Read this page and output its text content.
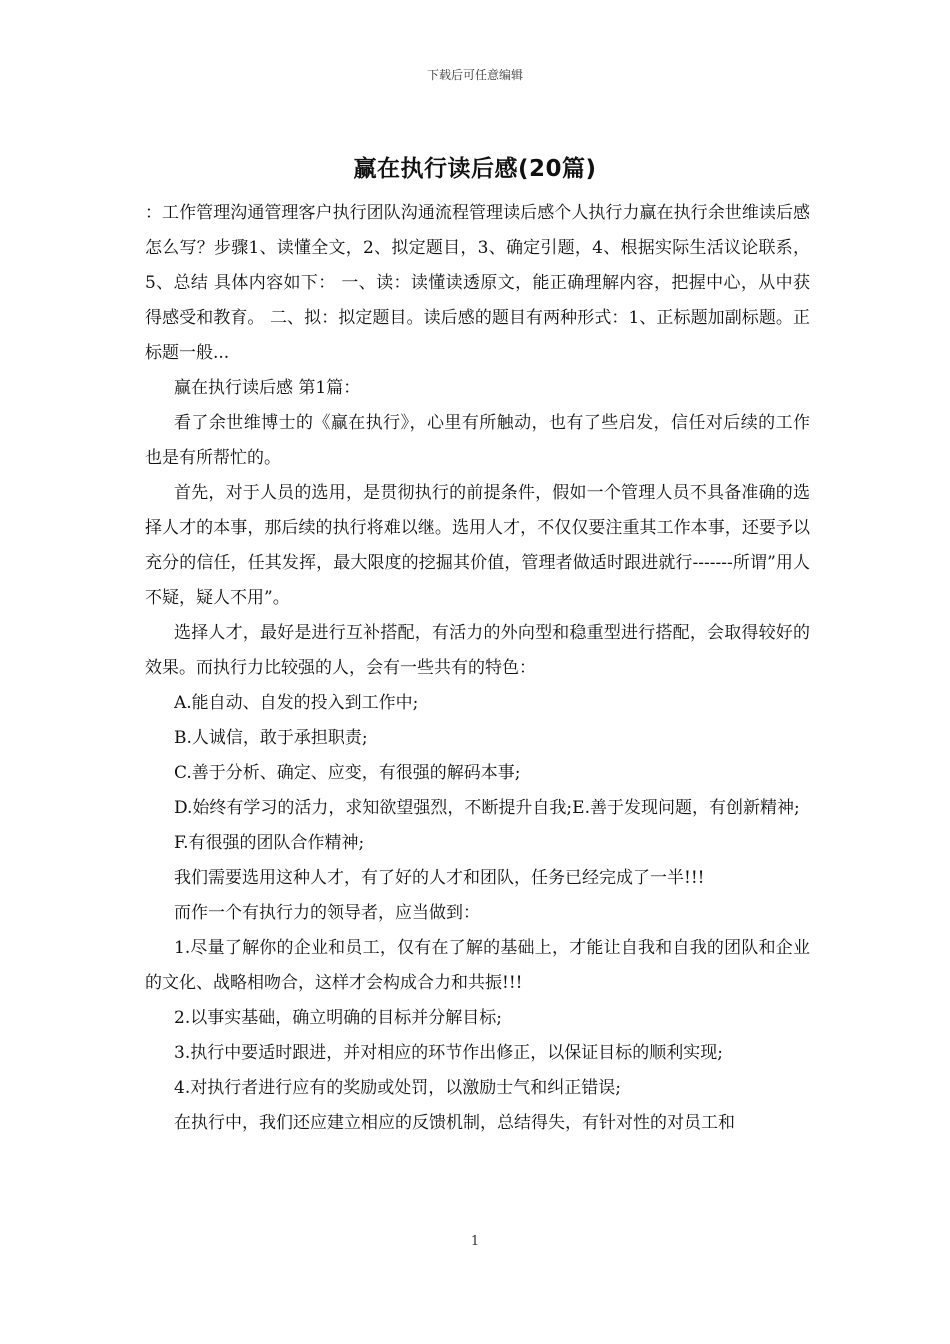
下载后可任意编辑
赢在执行读后感(20篇)

：工作管理沟通管理客户执行团队沟通流程管理读后感个人执行力赢在执行余世维读后感怎么写？步骤1、读懂全文，2、拟定题目，3、确定引题，4、根据实际生活议论联系，5、总结 具体内容如下： 一、读：读懂读透原文，能正确理解内容，把握中心，从中获得感受和教育。 二、拟：拟定题目。读后感的题目有两种形式：1、正标题加副标题。正标题一般...

赢在执行读后感 第1篇：

看了余世维博士的《赢在执行》，心里有所触动，也有了些启发，信任对后续的工作也是有所帮忙的。

首先，对于人员的选用，是贯彻执行的前提条件，假如一个管理人员不具备准确的选择人才的本事，那后续的执行将难以继。选用人才，不仅仅要注重其工作本事，还要予以充分的信任，任其发挥，最大限度的挖掘其价值，管理者做适时跟进就行-------所谓”用人不疑，疑人不用”。

选择人才，最好是进行互补搭配，有活力的外向型和稳重型进行搭配，会取得较好的效果。而执行力比较强的人，会有一些共有的特色：

A.能自动、自发的投入到工作中;

B.人诚信，敢于承担职责;

C.善于分析、确定、应变，有很强的解码本事;

D.始终有学习的活力，求知欲望强烈，不断提升自我;E.善于发现问题，有创新精神;

F.有很强的团队合作精神;

我们需要选用这种人才，有了好的人才和团队，任务已经完成了一半!!!

而作一个有执行力的领导者，应当做到：

1.尽量了解你的企业和员工，仅有在了解的基础上，才能让自我和自我的团队和企业的文化、战略相吻合，这样才会构成合力和共振!!!

2.以事实基础，确立明确的目标并分解目标;

3.执行中要适时跟进，并对相应的环节作出修正，以保证目标的顺利实现;

4.对执行者进行应有的奖励或处罚，以激励士气和纠正错误;

在执行中，我们还应建立相应的反馈机制，总结得失，有针对性的对员工和

1
